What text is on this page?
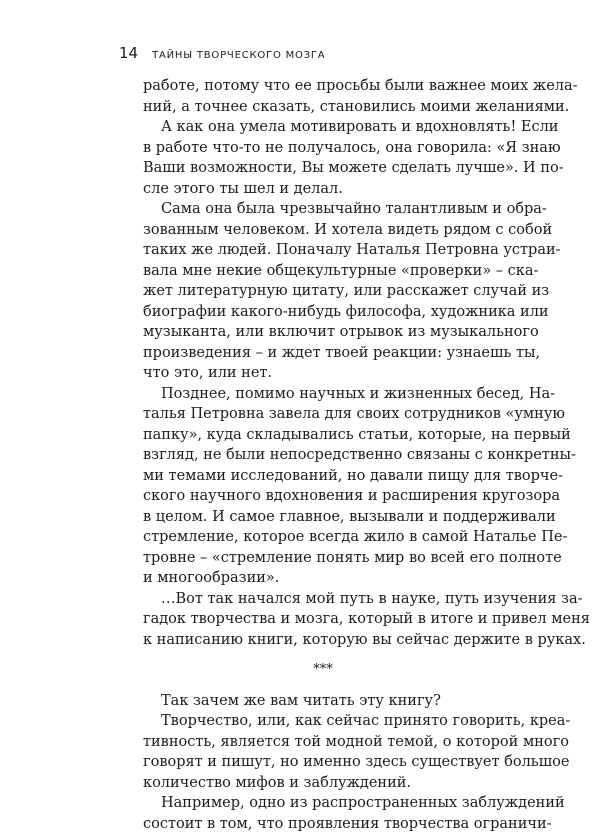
14 ТАЙНЫ ТВОРЧЕСКОГО МОЗГА
работе, потому что ее просьбы были важнее моих жела-
ний, а точнее сказать, становились моими желаниями.
А как она умела мотивировать и вдохновлять! Если
в работе что-то не получалось, она говорила: «Я знаю
Ваши возможности, Вы можете сделать лучше». И по-
сле этого ты шел и делал.
Сама она была чрезвычайно талантливым и обра-
зованным человеком. И хотела видеть рядом с собой
таких же людей. Поначалу Наталья Петровна устраи-
вала мне некие общекультурные «проверки» – ска-
жет литературную цитату, или расскажет случай из
биографии какого-нибудь философа, художника или
музыканта, или включит отрывок из музыкального
произведения – и ждет твоей реакции: узнаешь ты,
что это, или нет.
Позднее, помимо научных и жизненных бесед, На-
талья Петровна завела для своих сотрудников «умную
папку», куда складывались статьи, которые, на первый
взгляд, не были непосредственно связаны с конкретны-
ми темами исследований, но давали пищу для творче-
ского научного вдохновения и расширения кругозора
в целом. И самое главное, вызывали и поддерживали
стремление, которое всегда жило в самой Наталье Пе-
тровне – «стремление понять мир во всей его полноте
и многообразии».
…Вот так начался мой путь в науке, путь изучения за-
гадок творчества и мозга, который в итоге и привел меня
к написанию книги, которую вы сейчас держите в руках.
***
Так зачем же вам читать эту книгу?
Творчество, или, как сейчас принято говорить, креа-
тивность, является той модной темой, о которой много
говорят и пишут, но именно здесь существует большое
количество мифов и заблуждений.
Например, одно из распространенных заблуждений
состоит в том, что проявления творчества ограничи-
